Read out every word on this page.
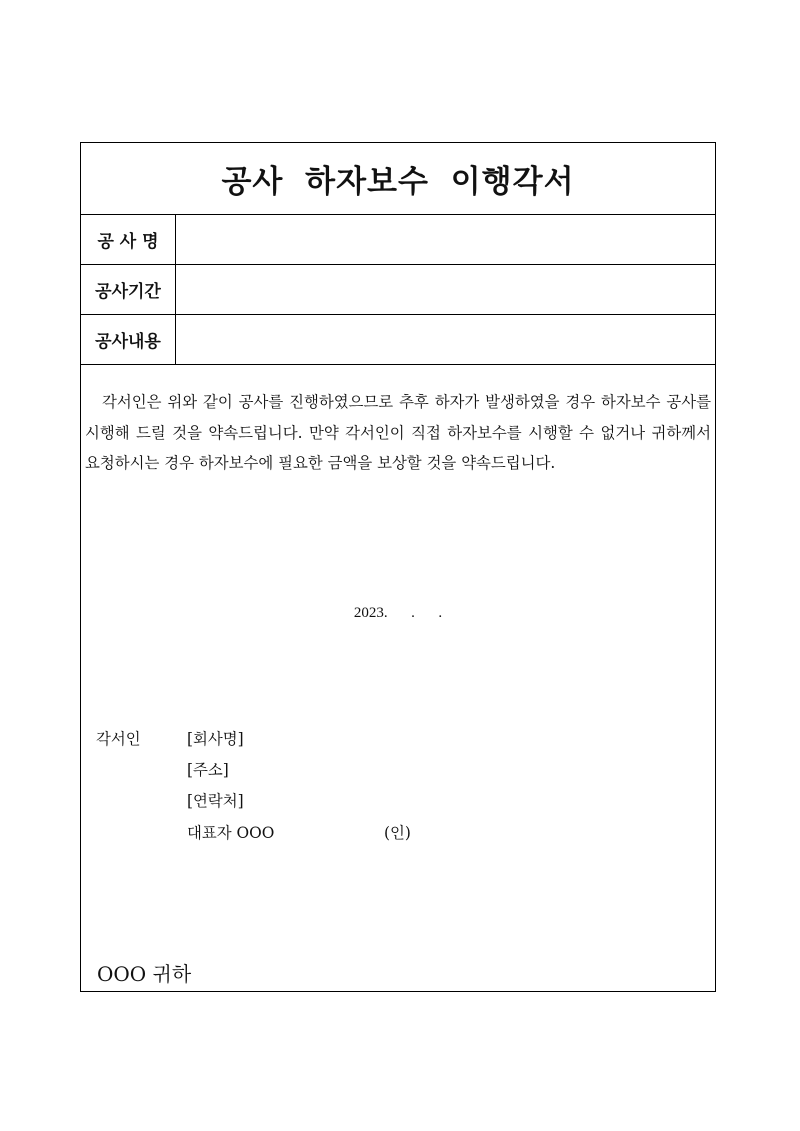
공사 하자보수 이행각서
공 사 명
공사기간
공사내용

각서인은 위와 같이 공사를 진행하였으므로 추후 하자가 발생하였을 경우 하자보수 공사를 시행해 드릴 것을 약속드립니다. 만약 각서인이 직접 하자보수를 시행할 수 없거나 귀하께서 요청하시는 경우 하자보수에 필요한 금액을 보상할 것을 약속드립니다.

2023.  .  .
각서인	[회사명]
[주소]
[연락처]
대표자 OOO	(인)
OOO 귀하
